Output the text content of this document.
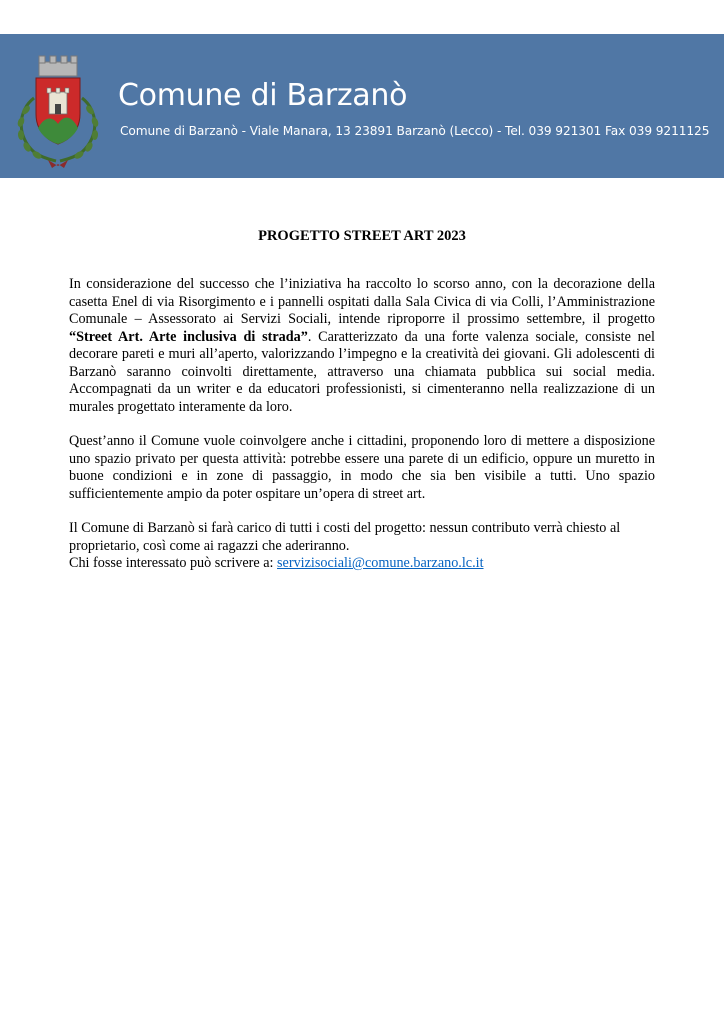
Comune di Barzanò
Comune di Barzanò - Viale Manara, 13 23891 Barzanò (Lecco) - Tel. 039 921301 Fax 039 9211125
PROGETTO STREET ART 2023

In considerazione del successo che l’iniziativa ha raccolto lo scorso anno, con la decorazione della casetta Enel di via Risorgimento e i pannelli ospitati dalla Sala Civica di via Colli, l’Amministrazione Comunale – Assessorato ai Servizi Sociali, intende riproporre il prossimo settembre, il progetto “Street Art. Arte inclusiva di strada”. Caratterizzato da una forte valenza sociale, consiste nel decorare pareti e muri all’aperto, valorizzando l’impegno e la creatività dei giovani. Gli adolescenti di Barzanò saranno coinvolti direttamente, attraverso una chiamata pubblica sui social media. Accompagnati da un writer e da educatori professionisti, si cimenteranno nella realizzazione di un murales progettato interamente da loro.

Quest’anno il Comune vuole coinvolgere anche i cittadini, proponendo loro di mettere a disposizione uno spazio privato per questa attività: potrebbe essere una parete di un edificio, oppure un muretto in buone condizioni e in zone di passaggio, in modo che sia ben visibile a tutti. Uno spazio sufficientemente ampio da poter ospitare un’opera di street art.

Il Comune di Barzanò si farà carico di tutti i costi del progetto: nessun contributo verrà chiesto al proprietario, così come ai ragazzi che aderiranno.
Chi fosse interessato può scrivere a: servizisociali@comune.barzano.lc.it
